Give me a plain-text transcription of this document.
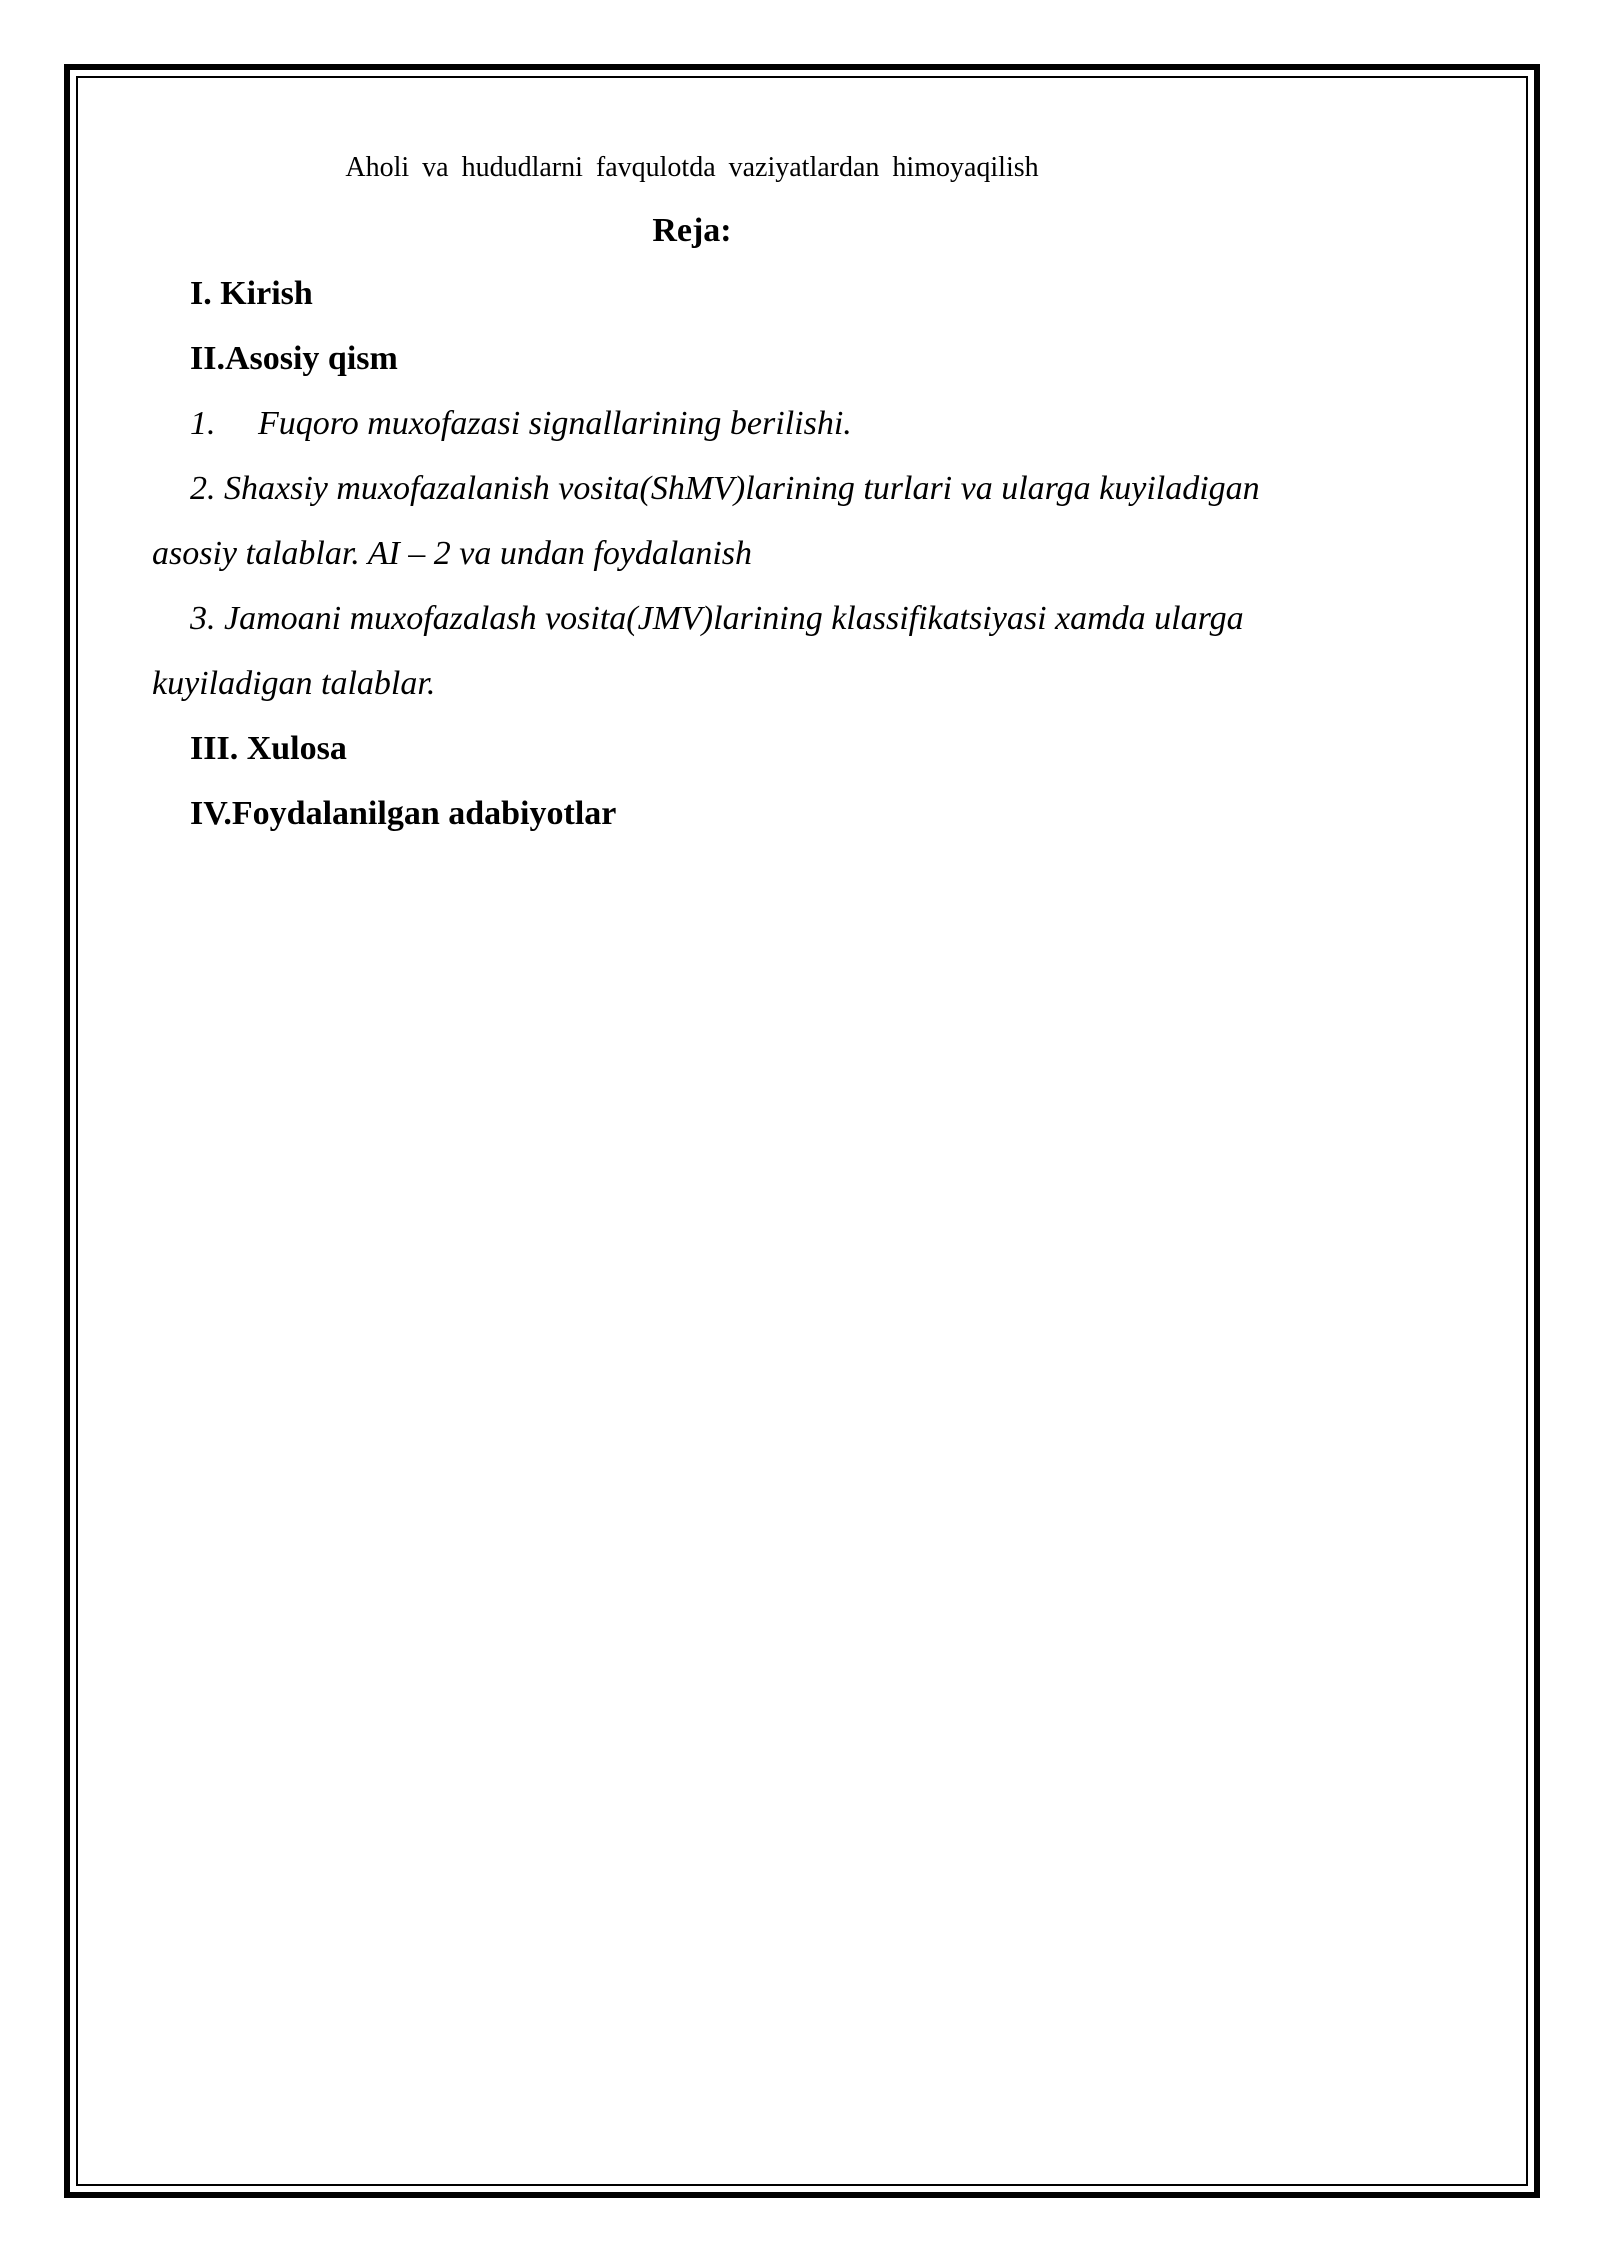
Aholi va hududlarni favqulotda vaziyatlardan himoyaqilish
Reja:
I. Kirish
II.Asosiy qism
1. Fuqoro muxofazasi signallarining berilishi.
2. Shaxsiy muxofazalanish vosita(ShMV)larining turlari va ularga kuyiladigan
asosiy talablar. AI – 2 va undan foydalanish
3. Jamoani muxofazalash vosita(JMV)larining klassifikatsiyasi xamda ularga
kuyiladigan talablar.
III. Xulosa
IV.Foydalanilgan adabiyotlar
